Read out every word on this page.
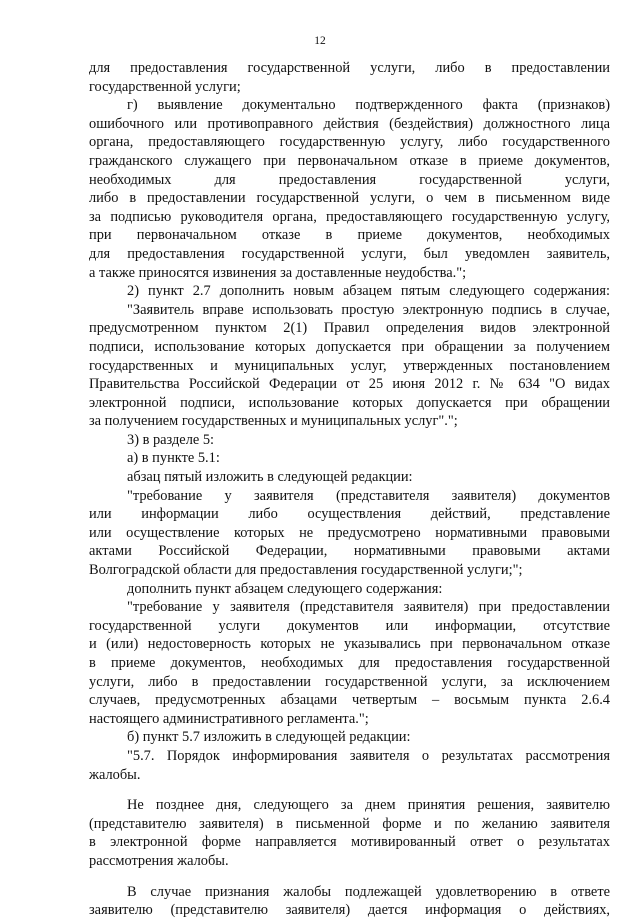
12
для предоставления государственной услуги, либо в предоставлении
государственной услуги;
г) выявление документально подтвержденного факта (признаков)
ошибочного или противоправного действия (бездействия) должностного лица
органа, предоставляющего государственную услугу, либо государственного
гражданского служащего при первоначальном отказе в приеме документов,
необходимых для предоставления государственной услуги,
либо в предоставлении государственной услуги, о чем в письменном виде
за подписью руководителя органа, предоставляющего государственную услугу,
при первоначальном отказе в приеме документов, необходимых
для предоставления государственной услуги, был уведомлен заявитель,
а также приносятся извинения за доставленные неудобства.";
2) пункт 2.7 дополнить новым абзацем пятым следующего содержания:
"Заявитель вправе использовать простую электронную подпись в случае,
предусмотренном пунктом 2(1) Правил определения видов электронной
подписи, использование которых допускается при обращении за получением
государственных и муниципальных услуг, утвержденных постановлением
Правительства Российской Федерации от 25 июня 2012 г. № 634 "О видах
электронной подписи, использование которых допускается при обращении
за получением государственных и муниципальных услуг".";
3) в разделе 5:
а) в пункте 5.1:
абзац пятый изложить в следующей редакции:
"требование у заявителя (представителя заявителя) документов
или информации либо осуществления действий, представление
или осуществление которых не предусмотрено нормативными правовыми
актами Российской Федерации, нормативными правовыми актами
Волгоградской области для предоставления государственной услуги;";
дополнить пункт абзацем следующего содержания:
"требование у заявителя (представителя заявителя) при предоставлении
государственной услуги документов или информации, отсутствие
и (или) недостоверность которых не указывались при первоначальном отказе
в приеме документов, необходимых для предоставления государственной
услуги, либо в предоставлении государственной услуги, за исключением
случаев, предусмотренных абзацами четвертым – восьмым пункта 2.6.4
настоящего административного регламента.";
б) пункт 5.7 изложить в следующей редакции:
"5.7. Порядок информирования заявителя о результатах рассмотрения
жалобы.
Не позднее дня, следующего за днем принятия решения, заявителю
(представителю заявителя) в письменной форме и по желанию заявителя
в электронной форме направляется мотивированный ответ о результатах
рассмотрения жалобы.
В случае признания жалобы подлежащей удовлетворению в ответе
заявителю (представителю заявителя) дается информация о действиях,
